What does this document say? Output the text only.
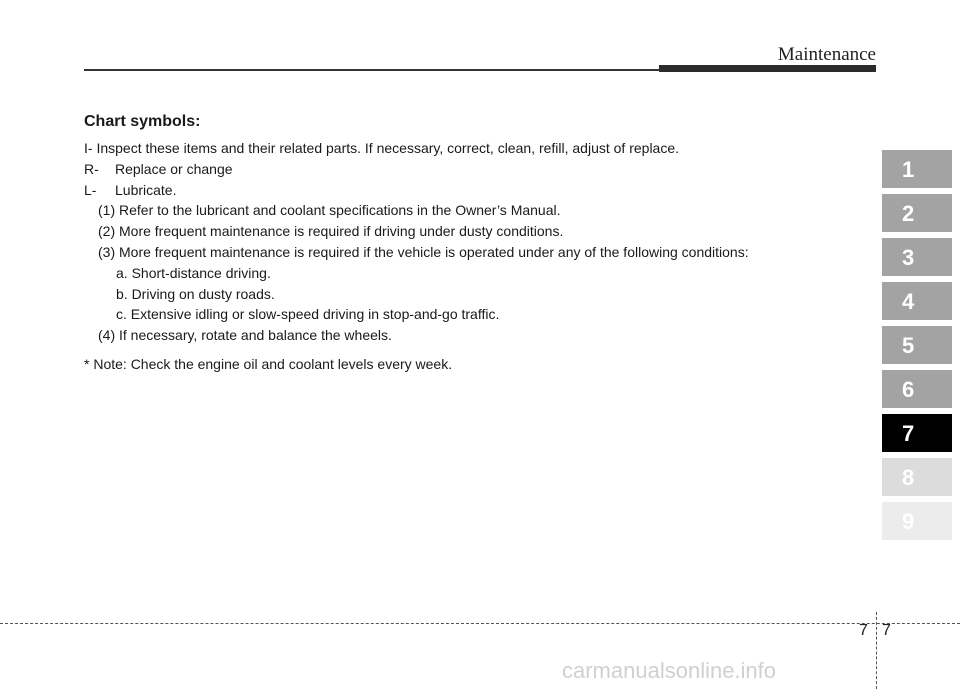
Maintenance
Chart symbols:
I- Inspect these items and their related parts. If necessary, correct, clean, refill, adjust of replace.
R- Replace or change
L- Lubricate.
(1) Refer to the lubricant and coolant specifications in the Owner’s Manual.
(2) More frequent maintenance is required if driving under dusty conditions.
(3) More frequent maintenance is required if the vehicle is operated under any of the following conditions:
a. Short-distance driving.
b. Driving on dusty roads.
c. Extensive idling or slow-speed driving in stop-and-go traffic.
(4) If necessary, rotate and balance the wheels.
* Note: Check the engine oil and coolant levels every week.
1
2
3
4
5
6
7
8
9
7 7
carmanualsonline.info
